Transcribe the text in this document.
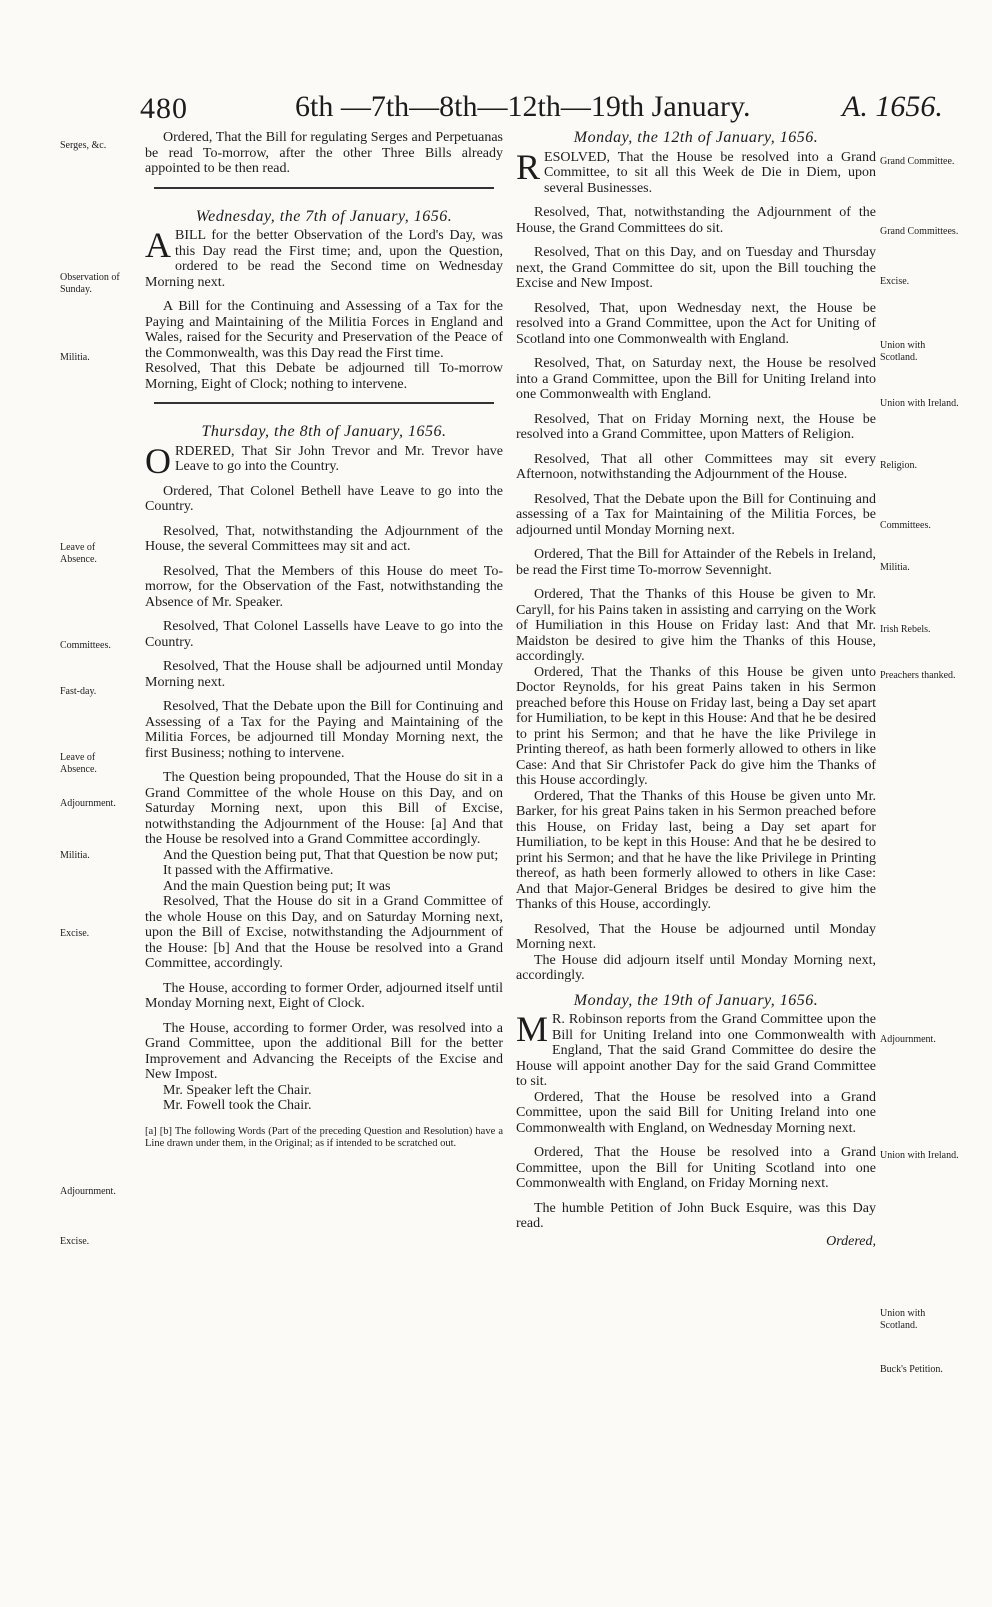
480	6th —7th—8th—12th—19th January.	A. 1656.
Serges, &c.
Observation of Sunday.
Militia.
Leave of Absence.
Committees.
Fast-day.
Leave of Absence.
Adjournment.
Militia.
Excise.
Adjournment.
Excise.

Ordered, That the Bill for regulating Serges and Perpetuanas be read To-morrow, after the other Three Bills already appointed to be then read.

Wednesday, the 7th of January, 1656.

ABILL for the better Observation of the Lord's Day, was this Day read the First time; and, upon the Question, ordered to be read the Second time on Wednesday Morning next.

A Bill for the Continuing and Assessing of a Tax for the Paying and Maintaining of the Militia Forces in England and Wales, raised for the Security and Preservation of the Peace of the Commonwealth, was this Day read the First time.
Resolved, That this Debate be adjourned till To-morrow Morning, Eight of Clock; nothing to intervene.

Thursday, the 8th of January, 1656.

ORDERED, That Sir John Trevor and Mr. Trevor have Leave to go into the Country.

Ordered, That Colonel Bethell have Leave to go into the Country.

Resolved, That, notwithstanding the Adjournment of the House, the several Committees may sit and act.

Resolved, That the Members of this House do meet To-morrow, for the Observation of the Fast, notwithstanding the Absence of Mr. Speaker.

Resolved, That Colonel Lassells have Leave to go into the Country.

Resolved, That the House shall be adjourned until Monday Morning next.

Resolved, That the Debate upon the Bill for Continuing and Assessing of a Tax for the Paying and Maintaining of the Militia Forces, be adjourned till Monday Morning next, the first Business; nothing to intervene.

The Question being propounded, That the House do sit in a Grand Committee of the whole House on this Day, and on Saturday Morning next, upon this Bill of Excise, notwithstanding the Adjournment of the House: [a] And that the House be resolved into a Grand Committee accordingly.

And the Question being put, That that Question be now put;

It passed with the Affirmative.

And the main Question being put; It was

Resolved, That the House do sit in a Grand Committee of the whole House on this Day, and on Saturday Morning next, upon the Bill of Excise, notwithstanding the Adjournment of the House: [b] And that the House be resolved into a Grand Committee, accordingly.

The House, according to former Order, adjourned itself until Monday Morning next, Eight of Clock.

The House, according to former Order, was resolved into a Grand Committee, upon the additional Bill for the better Improvement and Advancing the Receipts of the Excise and New Impost.

Mr. Speaker left the Chair.

Mr. Fowell took the Chair.

[a] [b] The following Words (Part of the preceding Question and Resolution) have a Line drawn under them, in the Original; as if intended to be scratched out.

Grand Committee.
Grand Committees.
Excise.
Union with Scotland.
Union with Ireland.
Religion.
Committees.
Militia.
Irish Rebels.
Preachers thanked.
Adjournment.
Union with Ireland.
Union with Scotland.
Buck's Petition.

Monday, the 12th of January, 1656.

RESOLVED, That the House be resolved into a Grand Committee, to sit all this Week de Die in Diem, upon several Businesses.

Resolved, That, notwithstanding the Adjournment of the House, the Grand Committees do sit.

Resolved, That on this Day, and on Tuesday and Thursday next, the Grand Committee do sit, upon the Bill touching the Excise and New Impost.

Resolved, That, upon Wednesday next, the House be resolved into a Grand Committee, upon the Act for Uniting of Scotland into one Commonwealth with England.

Resolved, That, on Saturday next, the House be resolved into a Grand Committee, upon the Bill for Uniting Ireland into one Commonwealth with England.

Resolved, That on Friday Morning next, the House be resolved into a Grand Committee, upon Matters of Religion.

Resolved, That all other Committees may sit every Afternoon, notwithstanding the Adjournment of the House.

Resolved, That the Debate upon the Bill for Continuing and assessing of a Tax for Maintaining of the Militia Forces, be adjourned until Monday Morning next.

Ordered, That the Bill for Attainder of the Rebels in Ireland, be read the First time To-morrow Sevennight.

Ordered, That the Thanks of this House be given to Mr. Caryll, for his Pains taken in assisting and carrying on the Work of Humiliation in this House on Friday last: And that Mr. Maidston be desired to give him the Thanks of this House, accordingly.

Ordered, That the Thanks of this House be given unto Doctor Reynolds, for his great Pains taken in his Sermon preached before this House on Friday last, being a Day set apart for Humiliation, to be kept in this House: And that he be desired to print his Sermon; and that he have the like Privilege in Printing thereof, as hath been formerly allowed to others in like Case: And that Sir Christofer Pack do give him the Thanks of this House accordingly.

Ordered, That the Thanks of this House be given unto Mr. Barker, for his great Pains taken in his Sermon preached before this House, on Friday last, being a Day set apart for Humiliation, to be kept in this House: And that he be desired to print his Sermon; and that he have the like Privilege in Printing thereof, as hath been formerly allowed to others in like Case: And that Major-General Bridges be desired to give him the Thanks of this House, accordingly.

Resolved, That the House be adjourned until Monday Morning next.

The House did adjourn itself until Monday Morning next, accordingly.

Monday, the 19th of January, 1656.

M R. Robinson reports from the Grand Committee upon the Bill for Uniting Ireland into one Commonwealth with England, That the said Grand Committee do desire the House will appoint another Day for the said Grand Committee to sit.

Ordered, That the House be resolved into a Grand Committee, upon the said Bill for Uniting Ireland into one Commonwealth with England, on Wednesday Morning next.

Ordered, That the House be resolved into a Grand Committee, upon the Bill for Uniting Scotland into one Commonwealth with England, on Friday Morning next.

The humble Petition of John Buck Esquire, was this Day read.

Ordered,
